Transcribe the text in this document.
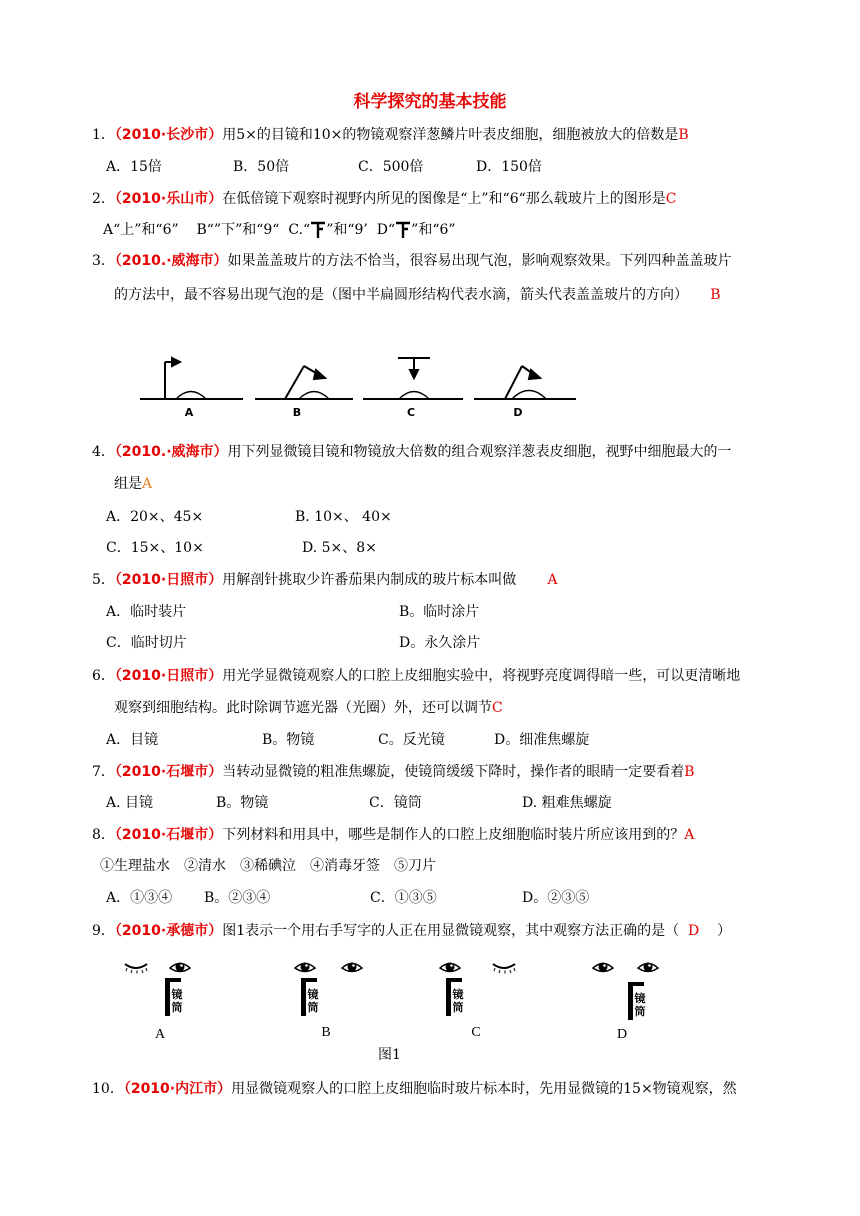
科学探究的基本技能
1．（2010·长沙市）用5×的目镜和10×的物镜观察洋葱鳞片叶表皮细胞，细胞被放大的倍数是B
A．15倍	B．50倍	C．500倍	D．150倍
2．（2010·乐山市）在低倍镜下观察时视野内所见的图像是“上”和“6“那么载玻片上的图形是C
A“上”和“6” B“”下”和“9“ C.“ ”和“9’ D“ ”和“6”
3．（2010.·威海市）如果盖盖玻片的方法不恰当，很容易出现气泡，影响观察效果。下列四种盖盖玻片
的方法中，最不容易出现气泡的是（图中半扁圆形结构代表水滴，箭头代表盖盖玻片的方向） B
A	B	C	D
4．（2010.·威海市）用下列显微镜目镜和物镜放大倍数的组合观察洋葱表皮细胞，视野中细胞最大的一
组是A
A．20×、45×	B. 10×、 40×
C．15×、10×	D. 5×、8×
5．（2010·日照市）用解剖针挑取少许番茄果内制成的玻片标本叫做 A
A．临时装片	B。临时涂片
C．临时切片	D。永久涂片
6．（2010·日照市）用光学显微镜观察人的口腔上皮细胞实验中，将视野亮度调得暗一些，可以更清晰地
观察到细胞结构。此时除调节遮光器（光圈）外，还可以调节C
A．目镜	B。物镜	C。反光镜	D。细准焦螺旋
7．（2010·石堰市）当转动显微镜的粗准焦螺旋，使镜筒缓缓下降时，操作者的眼睛一定要看着B
A. 目镜	B。物镜	C．镜筒	D. 粗难焦螺旋
8．（2010·石堰市）下列材料和用具中，哪些是制作人的口腔上皮细胞临时装片所应该用到的？A
①生理盐水　②清水　③稀碘泣　④消毒牙签　⑤刀片
A．①③④ B。②③④	C．①③⑤	D。②③⑤
9．（2010·承德市）图1表示一个用右手写字的人正在用显微镜观察，其中观察方法正确的是（ D ）
镜
筒
镜
筒
镜
筒
镜
筒
A	B	C	D
图1
10．（2010·内江市）用显微镜观察人的口腔上皮细胞临时玻片标本时，先用显微镜的15×物镜观察，然
